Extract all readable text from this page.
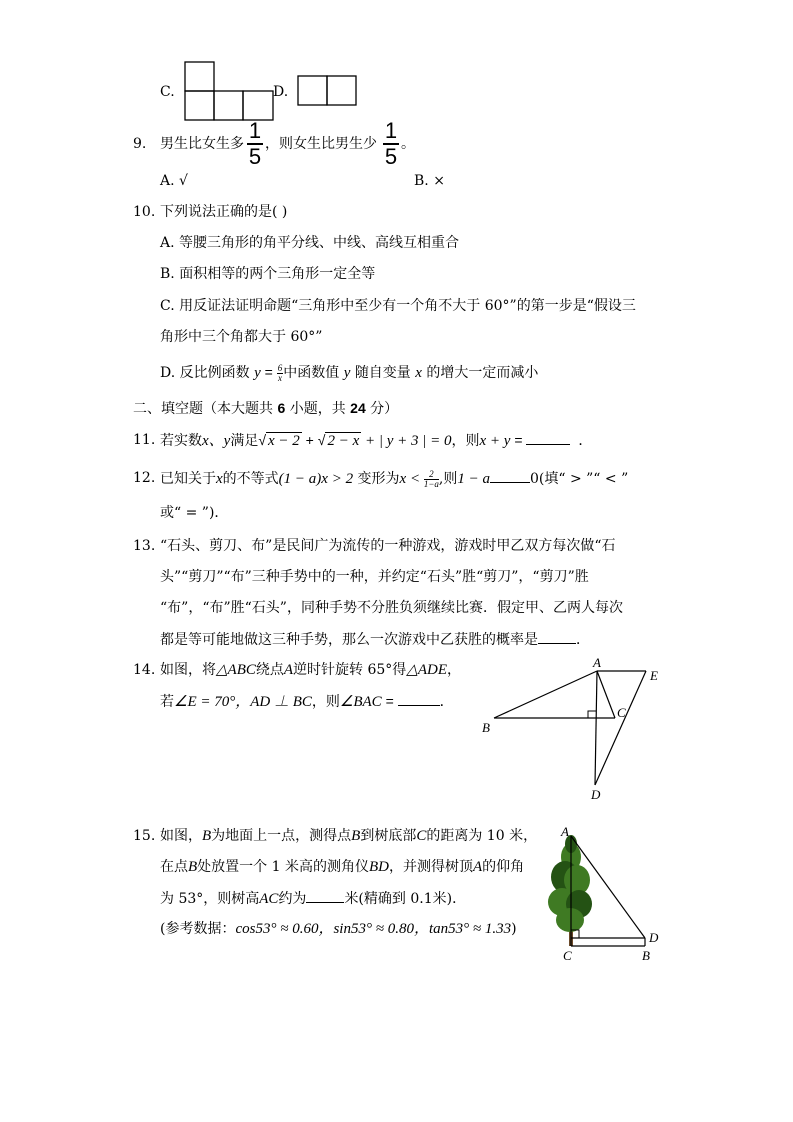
C.	D.
9. 男生比女生多
1
5 ，则女生比男生少
1
5 。
A. √	B. ×
10. 下列说法正确的是( )
A. 等腰三角形的角平分线、中线、高线互相重合
B. 面积相等的两个三角形一定全等
C. 用反证法证明命题“三角形中至少有一个角不大于 60°”的第一步是“假设三
角形中三个角都大于 60°”
D. 反比例函数 $y = \frac{6}{x}$ 中函数值 y 随自变量 x 的增大一定而减小
二、填空题（本大题共 6 小题，共 24 分）
11. 若实数x、y满足√ x − 2 + √ 2 − x + | y + 3 | = 0，则x + y =	．
12. 已知关于x的不等式(1 − a)x > 2 变形为$x < \frac{2}{1-a}$ ,则1 − a	0(填“ > ”“ < ”
或“ = ”)．
13. “石头、剪刀、布”是民间广为流传的一种游戏，游戏时甲乙双方每次做“石
头”“剪刀”“布”三种手势中的一种，并约定“石头”胜“剪刀”，“剪刀”胜
“布”，“布”胜“石头”，同种手势不分胜负须继续比赛．假定甲、乙两人每次
都是等可能地做这三种手势，那么一次游戏中乙获胜的概率是	．
14. 如图，将△ABC绕点A逆时针旋转 65°得△ADE，
若∠E = 70°，AD ⊥ BC，则∠BAC =	．
A
B
C
D
E
15. 如图，B为地面上一点，测得点B到树底部C的距离为 10 米，
在点B处放置一个 1 米高的测角仪BD，并测得树顶A的仰角
为 53°，则树高AC约为	米(精确到 0.1米)．
(参考数据：cos53° ≈ 0.60，sin53° ≈ 0.80，tan53° ≈ 1.33)
A
C	B
D
